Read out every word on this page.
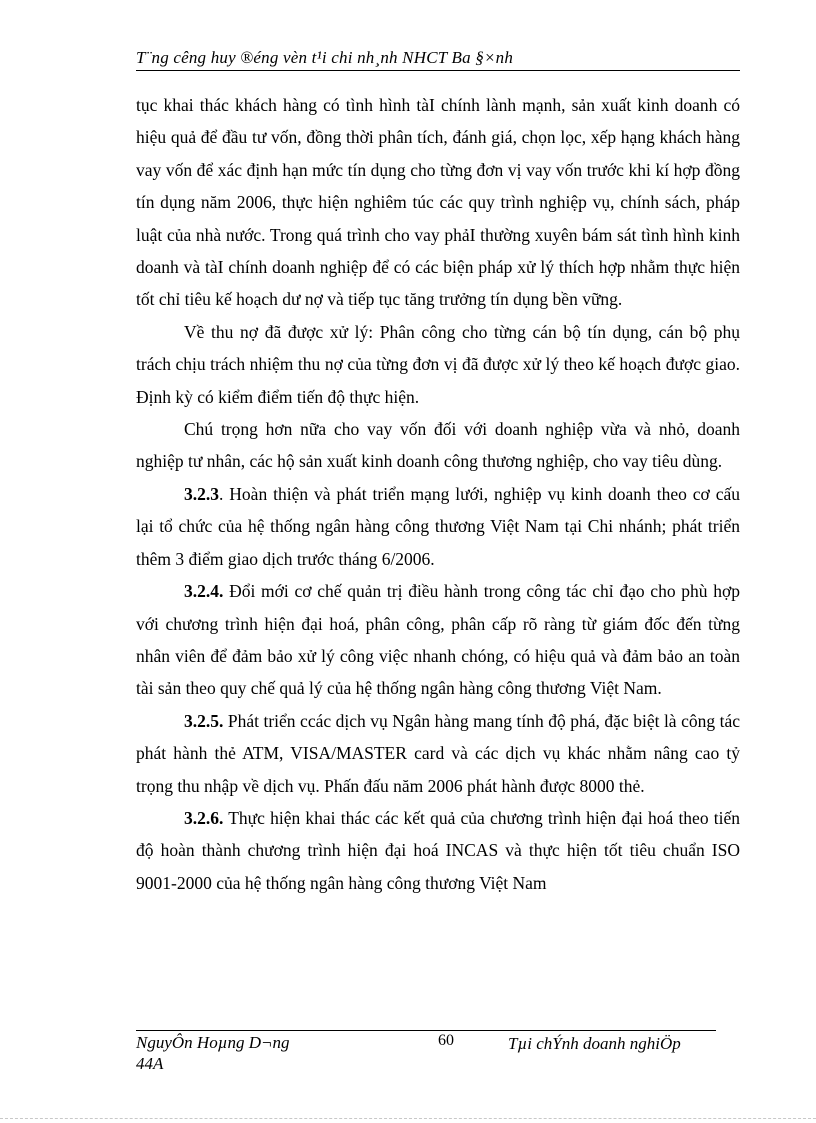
T¨ng cêng huy ®éng vèn t¹i chi nh¸nh NHCT Ba §×nh

tục khai thác khách hàng có tình hình tàI chính lành mạnh, sản xuất kinh doanh có hiệu quả để đầu tư vốn, đồng thời phân tích, đánh giá, chọn lọc, xếp hạng khách hàng vay vốn để xác định hạn mức tín dụng cho từng đơn vị vay vốn trước khi kí hợp đồng tín dụng năm 2006, thực hiện nghiêm túc các quy trình nghiệp vụ, chính sách, pháp luật của nhà nước. Trong quá trình cho vay phảI thường xuyên bám sát tình hình kinh doanh và tàI chính doanh nghiệp để có các biện pháp xử lý thích hợp nhằm thực hiện tốt chỉ tiêu kế hoạch dư nợ và tiếp tục tăng trưởng tín dụng bền vững.

Về thu nợ đã được xử lý: Phân công cho từng cán bộ tín dụng, cán bộ phụ trách chịu trách nhiệm thu nợ của từng đơn vị đã được xử lý theo kế hoạch được giao. Định kỳ có kiểm điểm tiến độ thực hiện.

Chú trọng hơn nữa cho vay vốn đối với doanh nghiệp vừa và nhỏ, doanh nghiệp tư nhân, các hộ sản xuất kinh doanh công thương nghiệp, cho vay tiêu dùng.

3.2.3. Hoàn thiện và phát triển mạng lưới, nghiệp vụ kinh doanh theo cơ cấu lại tổ chức của hệ thống ngân hàng công thương Việt Nam tại Chi nhánh; phát triển thêm 3 điểm giao dịch trước tháng 6/2006.

3.2.4. Đổi mới cơ chế quản trị điều hành trong công tác chỉ đạo cho phù hợp với chương trình hiện đại hoá, phân công, phân cấp rõ ràng từ giám đốc đến từng nhân viên để đảm bảo xử lý công việc nhanh chóng, có hiệu quả và đảm bảo an toàn tài sản theo quy chế quả lý của hệ thống ngân hàng công thương Việt Nam.

3.2.5. Phát triển ccác dịch vụ Ngân hàng mang tính độ phá, đặc biệt là công tác phát hành thẻ ATM, VISA/MASTER card và các dịch vụ khác nhằm nâng cao tỷ trọng thu nhập về dịch vụ. Phấn đấu năm 2006 phát hành được 8000 thẻ.

3.2.6. Thực hiện khai thác các kết quả của chương trình hiện đại hoá theo tiến độ hoàn thành chương trình hiện đại hoá INCAS và thực hiện tốt tiêu chuẩn ISO 9001-2000 của hệ thống ngân hàng công thương Việt Nam

NguyÔn Hoµng D¬ng
44A
60	Tµi chÝnh doanh nghiÖp
